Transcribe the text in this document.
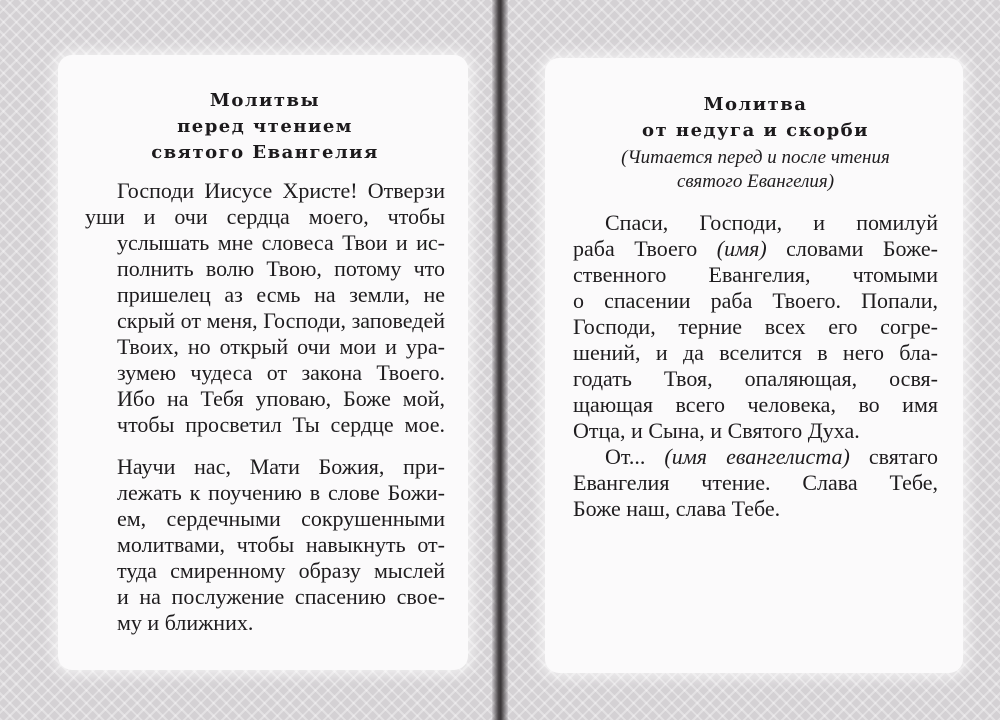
Молитвы
перед чтением
святого Евангелия

Господи Иисусе Христе! Отверзи
уши и очи сердца моего, чтобы
услышать мне словеса Твои и ис-
полнить волю Твою, потому что
пришелец аз есмь на земли, не
скрый от меня, Господи, заповедей
Твоих, но открый очи мои и ура-
зумею чудеса от закона Твоего.
Ибо на Тебя уповаю, Боже мой,
чтобы просветил Ты сердце мое.

Научи нас, Мати Божия, при-
лежать к поучению в слове Божи-
ем, сердечными сокрушенными
молитвами, чтобы навыкнуть от-
туда смиренному образу мыслей
и на послужение спасению свое-
му и ближних.

Молитва
от недуга и скорби

(Читается перед и после чтения
святого Евангелия)

Спаси, Господи, и помилуй
раба Твоего (имя) словами Боже-
ственного Евангелия, чтомыми
о спасении раба Твоего. Попали,
Господи, терние всех его согре-
шений, и да вселится в него бла-
годать Твоя, опаляющая, освя-
щающая всего человека, во имя
Отца, и Сына, и Святого Духа.

От... (имя евангелиста) святаго
Евангелия чтение. Слава Тебе,
Боже наш, слава Тебе.
